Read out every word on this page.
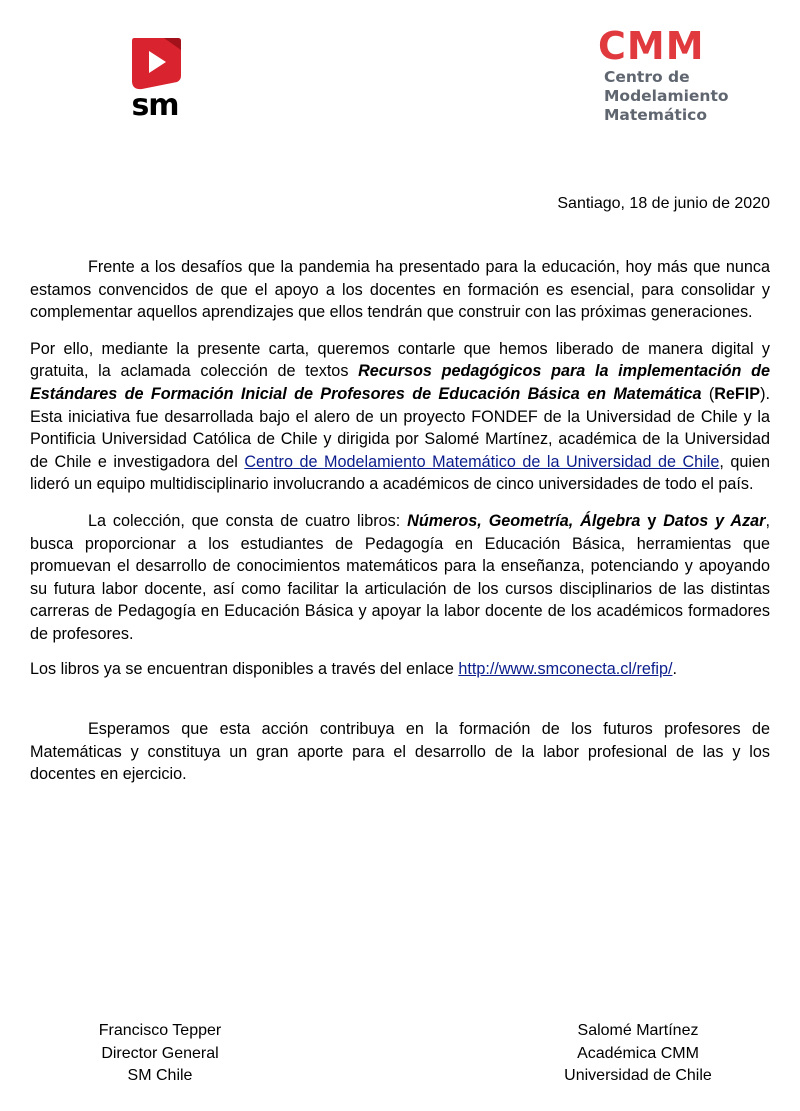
sm
CMM
Centro de
Modelamiento
Matemático
Santiago, 18 de junio de 2020

Frente a los desafíos que la pandemia ha presentado para la educación, hoy más que nunca estamos convencidos de que el apoyo a los docentes en formación es esencial, para consolidar y complementar aquellos aprendizajes que ellos tendrán que construir con las próximas generaciones.

Por ello, mediante la presente carta, queremos contarle que hemos liberado de manera digital y gratuita, la aclamada colección de textos Recursos pedagógicos para la implementación de Estándares de Formación Inicial de Profesores de Educación Básica en Matemática (ReFIP). Esta iniciativa fue desarrollada bajo el alero de un proyecto FONDEF de la Universidad de Chile y la Pontificia Universidad Católica de Chile y dirigida por Salomé Martínez, académica de la Universidad de Chile e investigadora del Centro de Modelamiento Matemático de la Universidad de Chile, quien lideró un equipo multidisciplinario involucrando a académicos de cinco universidades de todo el país.

La colección, que consta de cuatro libros: Números, Geometría, Álgebra y Datos y Azar, busca proporcionar a los estudiantes de Pedagogía en Educación Básica, herramientas que promuevan el desarrollo de conocimientos matemáticos para la enseñanza, potenciando y apoyando su futura labor docente, así como facilitar la articulación de los cursos disciplinarios de las distintas carreras de Pedagogía en Educación Básica y apoyar la labor docente de los académicos formadores de profesores.

Los libros ya se encuentran disponibles a través del enlace http://www.smconecta.cl/refip/.

Esperamos que esta acción contribuya en la formación de los futuros profesores de Matemáticas y constituya un gran aporte para el desarrollo de la labor profesional de las y los docentes en ejercicio.

Francisco Tepper
Director General
SM Chile
Salomé Martínez
Académica CMM
Universidad de Chile
